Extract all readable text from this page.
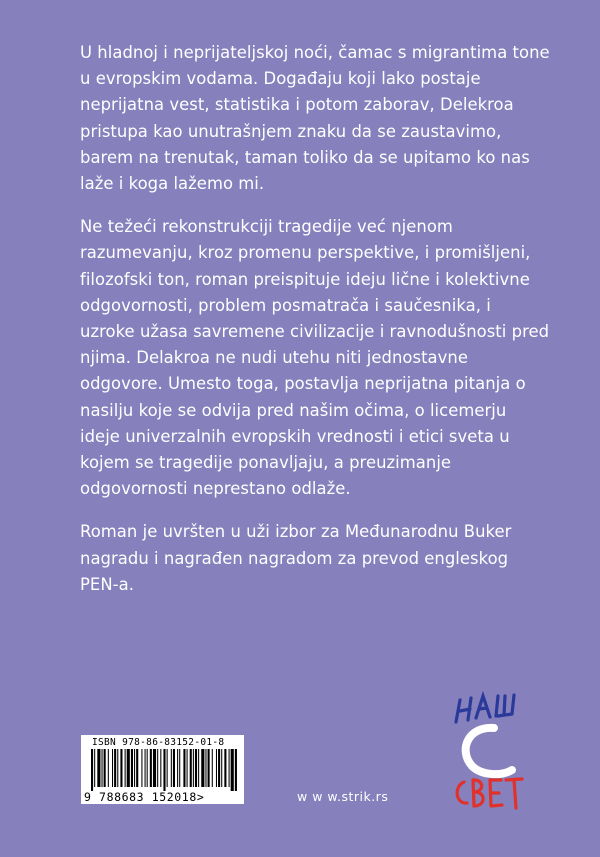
U hladnoj i neprijateljskoj noći, čamac s migrantima tone u evropskim vodama. Događaju koji lako postaje neprijatna vest, statistika i potom zaborav, Delekroa pristupa kao unutrašnjem znaku da se zaustavimo, barem na trenutak, taman toliko da se upitamo ko nas laže i koga lažemo mi.

Ne težeći rekonstrukciji tragedije već njenom razumevanju, kroz promenu perspektive, i promišljeni, filozofski ton, roman preispituje ideju lične i kolektivne odgovornosti, problem posmatrača i saučesnika, i uzroke užasa savremene civilizacije i ravnodušnosti pred njima. Delakroa ne nudi utehu niti jednostavne odgovore. Umesto toga, postavlja neprijatna pitanja o nasilju koje se odvija pred našim očima, o licemerju ideje univerzalnih evropskih vrednosti i etici sveta u kojem se tragedije ponavljaju, a preuzimanje odgovornosti neprestano odlaže.

Roman je uvršten u uži izbor za Međunarodnu Buker nagradu i nagrađen nagradom za prevod engleskog PEN-a.

ISBN 978-86-83152-01-8
9 788683 152018>	w w w.strik.rs
